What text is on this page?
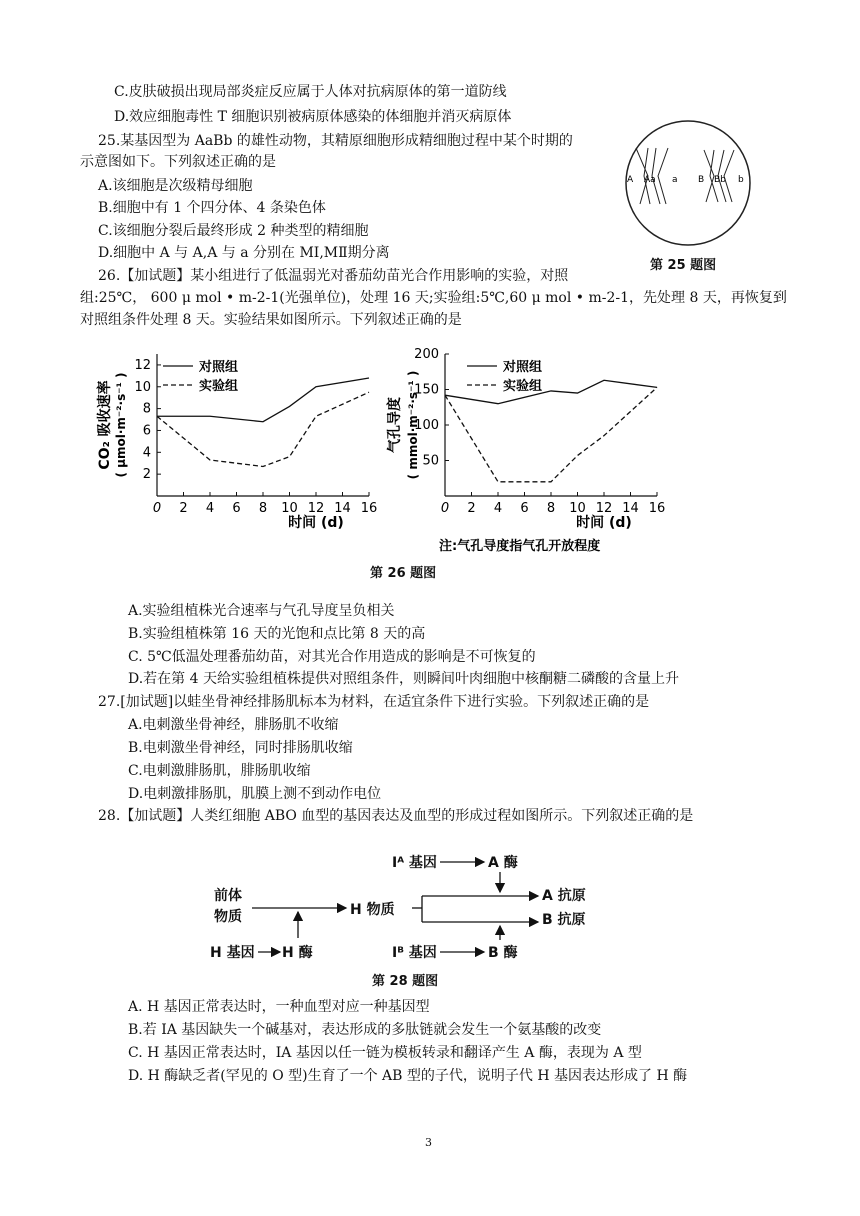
C.皮肤破损出现局部炎症反应属于人体对抗病原体的第一道防线
D.效应细胞毒性 T 细胞识别被病原体感染的体细胞并消灭病原体
25.某基因型为 AaBb 的雄性动物，其精原细胞形成精细胞过程中某个时期的
示意图如下。下列叙述正确的是
A.该细胞是次级精母细胞
B.细胞中有 1 个四分体、4 条染色体
C.该细胞分裂后最终形成 2 种类型的精细胞
D.细胞中 A 与 A,A 与 a 分别在 MⅠ,MⅡ期分离
A Aa a B Bb b
第 25 题图
26.【加试题】某小组进行了低温弱光对番茄幼苗光合作用影响的实验，对照
组:25℃， 600 μ mol • m-2-1(光强单位)，处理 16 天;实验组:5℃,60 μ mol • m-2-1，先处理 8 天，再恢复到
对照组条件处理 8 天。实验结果如图所示。下列叙述正确的是
0 2 4 6 8 10 12 14 16
2
4
6
8
10
12	对照组
实验组
时间 (d)
CO₂ 吸收速率 ( μmol·m⁻²·s⁻¹ )
0 2 4 6 8 10 12 14 16
50
100
150
200
对照组
实验组
时间 (d)
气孔导度 ( mmol·m⁻²·s⁻¹ )
注:气孔导度指气孔开放程度
第 26 题图
A.实验组植株光合速率与气孔导度呈负相关
B.实验组植株第 16 天的光饱和点比第 8 天的高
C. 5℃低温处理番茄幼苗，对其光合作用造成的影响是不可恢复的
D.若在第 4 天给实验组植株提供对照组条件，则瞬间叶肉细胞中核酮糖二磷酸的含量上升
27.[加试题]以蛙坐骨神经排肠肌标本为材料，在适宜条件下进行实验。下列叙述正确的是
A.电刺激坐骨神经，腓肠肌不收缩
B.电刺激坐骨神经，同时排肠肌收缩
C.电刺激腓肠肌，腓肠肌收缩
D.电刺激排肠肌，肌膜上测不到动作电位
28.【加试题】人类红细胞 ABO 血型的基因表达及血型的形成过程如图所示。下列叙述正确的是
前体
物质
H 基因 H 酶
H 物质
Iᴬ 基因	A 酶
A 抗原
Iᴮ 基因	B 酶
B 抗原
第 28 题图
A. H 基因正常表达时，一种血型对应一种基因型
B.若 IA 基因缺失一个碱基对，表达形成的多肽链就会发生一个氨基酸的改变
C. H 基因正常表达时，IA 基因以任一链为模板转录和翻译产生 A 酶，表现为 A 型
D. H 酶缺乏者(罕见的 O 型)生育了一个 AB 型的子代，说明子代 H 基因表达形成了 H 酶
3
